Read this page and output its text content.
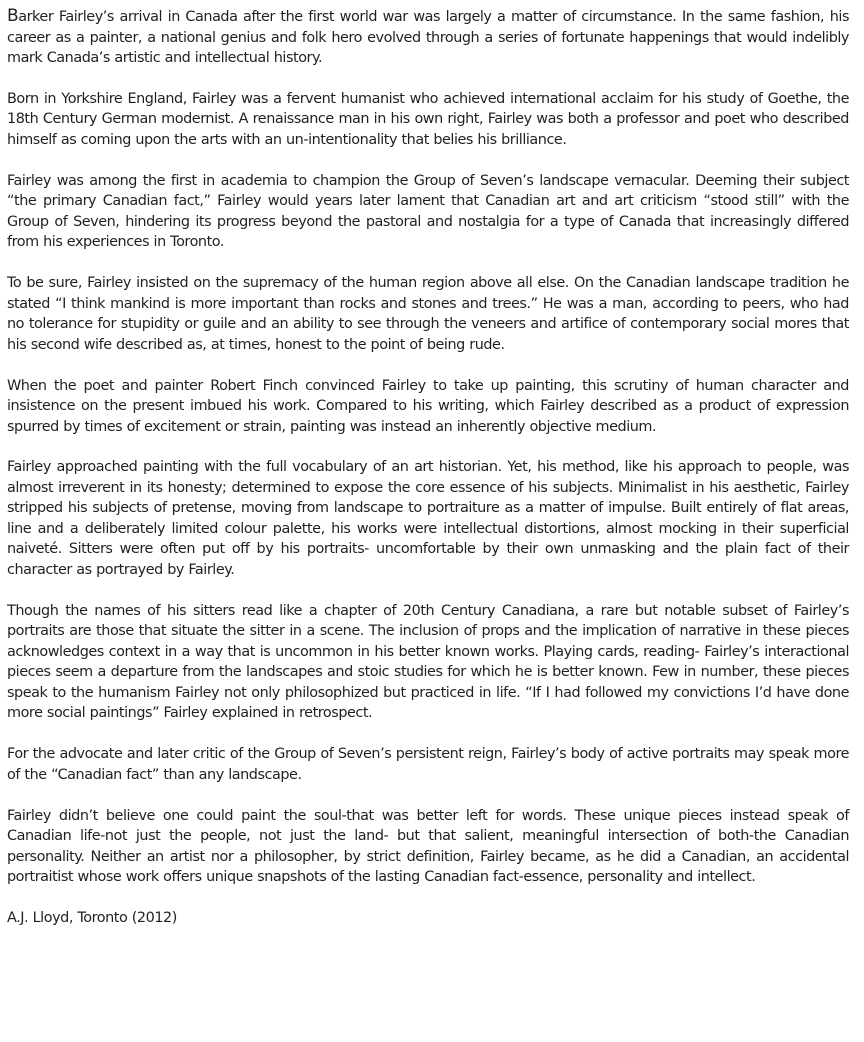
Barker Fairley’s arrival in Canada after the first world war was largely a matter of circumstance. In the same fashion, his career as a painter, a national genius and folk hero evolved through a series of fortunate happenings that would indelibly mark Canada’s artistic and intellectual history.

Born in Yorkshire England, Fairley was a fervent humanist who achieved international acclaim for his study of Goethe, the 18th Century German modernist. A renaissance man in his own right, Fairley was both a professor and poet who described himself as coming upon the arts with an un-intentionality that belies his brilliance.

Fairley was among the first in academia to champion the Group of Seven’s landscape vernacular. Deeming their subject “the primary Canadian fact,” Fairley would years later lament that Canadian art and art criticism “stood still” with the Group of Seven, hindering its progress beyond the pastoral and nostalgia for a type of Canada that increasingly differed from his experiences in Toronto.

To be sure, Fairley insisted on the supremacy of the human region above all else. On the Canadian landscape tradition he stated “I think mankind is more important than rocks and stones and trees.” He was a man, according to peers, who had no tolerance for stupidity or guile and an ability to see through the veneers and artifice of contemporary social mores that his second wife described as, at times, honest to the point of being rude.

When the poet and painter Robert Finch convinced Fairley to take up painting, this scrutiny of human character and insistence on the present imbued his work. Compared to his writing, which Fairley described as a product of expression spurred by times of excitement or strain, painting was instead an inherently objective medium.

Fairley approached painting with the full vocabulary of an art historian. Yet, his method, like his approach to people, was almost irreverent in its honesty; determined to expose the core essence of his subjects. Minimalist in his aesthetic, Fairley stripped his subjects of pretense, moving from landscape to portraiture as a matter of impulse. Built entirely of flat areas, line and a deliberately limited colour palette, his works were intellectual distortions, almost mocking in their superficial naiveté. Sitters were often put off by his portraits- uncomfortable by their own unmasking and the plain fact of their character as portrayed by Fairley.

Though the names of his sitters read like a chapter of 20th Century Canadiana, a rare but notable subset of Fairley’s portraits are those that situate the sitter in a scene. The inclusion of props and the implication of narrative in these pieces acknowledges context in a way that is uncommon in his better known works. Playing cards, reading- Fairley’s interactional pieces seem a departure from the landscapes and stoic studies for which he is better known. Few in number, these pieces speak to the humanism Fairley not only philosophized but practiced in life. “If I had followed my convictions I’d have done more social paintings” Fairley explained in retrospect.

For the advocate and later critic of the Group of Seven’s persistent reign, Fairley’s body of active portraits may speak more of the “Canadian fact” than any landscape.

Fairley didn’t believe one could paint the soul-that was better left for words. These unique pieces instead speak of Canadian life-not just the people, not just the land- but that salient, meaningful intersection of both-the Canadian personality. Neither an artist nor a philosopher, by strict definition, Fairley became, as he did a Canadian, an accidental portraitist whose work offers unique snapshots of the lasting Canadian fact-essence, personality and intellect.

A.J. Lloyd, Toronto (2012)
